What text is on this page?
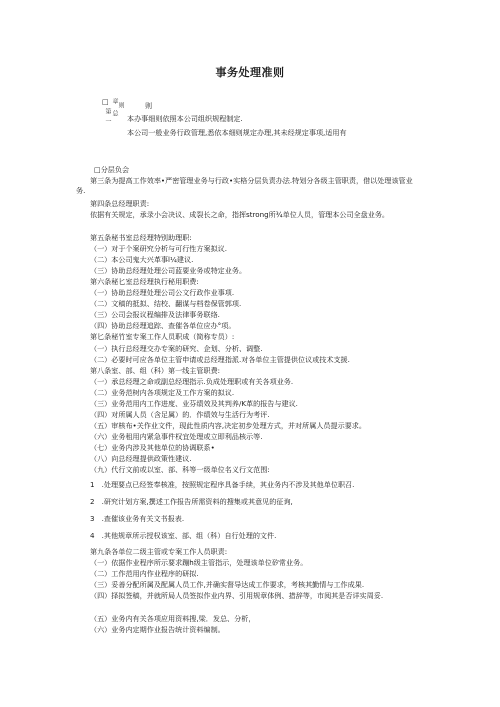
事务处理准则
□
第
一
章
总
则	则
本办事细则依照本公司组织规程制定.
本公司一般业务行政管理,悉依本细则规定办理,其未经规定事项,适用有
□分层负会
第三条为提高工作效率•严密管理业务与行政•实格分层负责办法.特划分各级主管职责，借以处理该管业务.
第四条总经理职责:
依据有关规定，承录小会决议、成裂长之命，指挥strong所¾单位人员，管理本公司全盘业务。
第五条秘书室总经理特别助理职:
（一）对于个案研究分析与可行性方案拟议.
（二）本公司鬼大兴革事l¼建议.
（三）协助总经理处理公司蓝要业务或特定业务。
第六条秘匕室总经理执行秘用职费:
（一）协助总经理处理公司公文行政作业事项.
（二）文稿的抵拟、结校、翻谋与档卷保管郭项.
（三）公司会报议程编排及法律事务联络.
（四）协助总经理追踪、查催各单位应办°项。
第匕条秘竹室专案工作人员职成（简称专员）:
（一）执行总经理交办专案的研究、企划、分析、调整.
（二）必要时可应各单位主管申请或总经理指派.对各单位主管提供位议或技术支援.
第八条室、部、组（科）第一线主管职费:
（一）承总经理之命或副总经理指示.负成处理职或有关各项业务.
（二）业务范树内各项规定及工作方案的拟议.
（三）业务范用内工作进度、业芬绩效及其判养/K革的报告与建议.
（四）对所属人员（含足属）的．作绩效与生活行为考评.
（五）审核布•关作业文件，现此性质内容,决定初步处理方式，并对所属人员提示要求。
（六）业务租用内紧急事件权宜处理或立即利品核示等.
（七）业务内涉及其他单位的协调联系•
（八）向总经理提供政策性建议.
（九）代行文前或以室、部、科等一级单位名义行文范围:
1　.处理要点已经签奉核准，按照规定程序具备手续，其业务内不涉及其他单位职召.
2　.研究计划方案,撰述工作报告所需资料的搜集或其意见的征询,
3　.查催该业务有关文书报表.
4　.其他规章所示授权该室、部、组（科）自行处理的文件.
第九条各单位二级主管或专案工作人员职责:
（一）依据作业程序所示要求蹦h级主管指示，处理该单位矽常业务。
（二）工作范用内作业程序的研拟.
（三）妥善分配所属及配属人员工作,并确实督导达成工作要求，考核其勤情与工作成果.
（四）择拟签稿，并就所局人员签拟作业内界、引用规章体例、措辞等，市阅其是否详实周妥.
（五）业务内有关各项应用资料搜,梁．发总、分析，
（六）业务内定期作业报告统计资料编制。
